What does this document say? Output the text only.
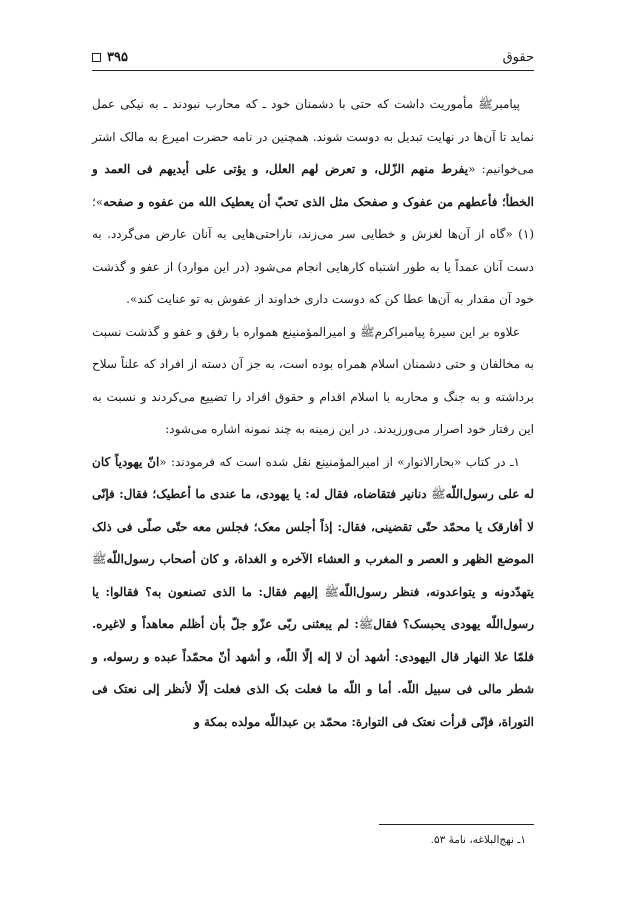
حقوق
۳۹۵

پیامبرﷺ مأموریت داشت که حتی با دشمنان خود ـ که محارب نبودند ـ به نیکی عمل نماید تا آن‌ها در نهایت تبدیل به دوست شوند. همچنین در نامه حضرت امیرع به مالک اشتر می‌خوانیم: «یفرط منهم الزّلل، و تعرض لهم العلل، و یؤتی علی أیدیهم فی العمد و الخطأ؛ فأعطهم من عفوک و صفحک مثل الذی تحبّ أن یعطیک الله من عفوه و صفحه»؛(۱) «گاه از آن‌ها لغزش و خطایی سر می‌زند، ناراحتی‌هایی به آنان عارض می‌گردد. به دست آنان عمداً یا به طور اشتباه کارهایی انجام می‌شود (در این موارد) از عفو و گذشت خود آن مقدار به آن‌ها عطا کن که دوست داری خداوند از عفوش به تو عنایت کند».

علاوه بر این سیرهٔ پیامبراکرمﷺ و امیرالمؤمنینع همواره با رفق و عفو و گذشت نسبت به مخالفان و حتی دشمنان اسلام همراه بوده است، به جز آن دسته از افراد که علناً سلاح برداشته و به جنگ و محاربه با اسلام اقدام و حقوق افراد را تضییع می‌کردند و نسبت به این رفتار خود اصرار می‌ورزیدند. در این زمینه به چند نمونه اشاره می‌شود:

۱ـ در کتاب «بحارالانوار» از امیرالمؤمنینع نقل شده است که فرمودند: «انّ یهودیاً کان له علی رسول‌اللّهﷺ دنانیر فتقاضاه، فقال له: یا یهودی، ما عندی ما أعطیک؛ فقال: فإنّی لا أفارقک یا محمّد حتّی تقضینی، فقال: إذاً أجلس معک؛ فجلس معه حتّی صلّی فی ذلک الموضع الظهر و العصر و المغرب و العشاء الآخره و الغداة، و کان أصحاب رسول‌اللّهﷺ یتهدّدونه و یتواعدونه، فنظر رسول‌اللّهﷺ إلیهم فقال: ما الذی تصنعون به؟ فقالوا: یا رسول‌اللّه یهودی یحبسک؟ فقالﷺ: لم یبعثنی ربّی عزّو جلّ بأن أظلم معاهداً و لاغیره. فلمّا علا النهار قال الیهودی: أشهد أن لا إله إلّا اللّه، و أشهد أنّ محمّداً عبده و رسوله، و شطر مالی فی سبیل اللّه. أما و اللّه ما فعلت بک الذی فعلت إلّا لأنظر إلی نعتک فی التوراة، فإنّی قرأت نعتک فی التوارة: محمّد بن عبداللّه مولده بمکة و

۱ـ نهج‌البلاغه، نامهٔ ۵۳.
